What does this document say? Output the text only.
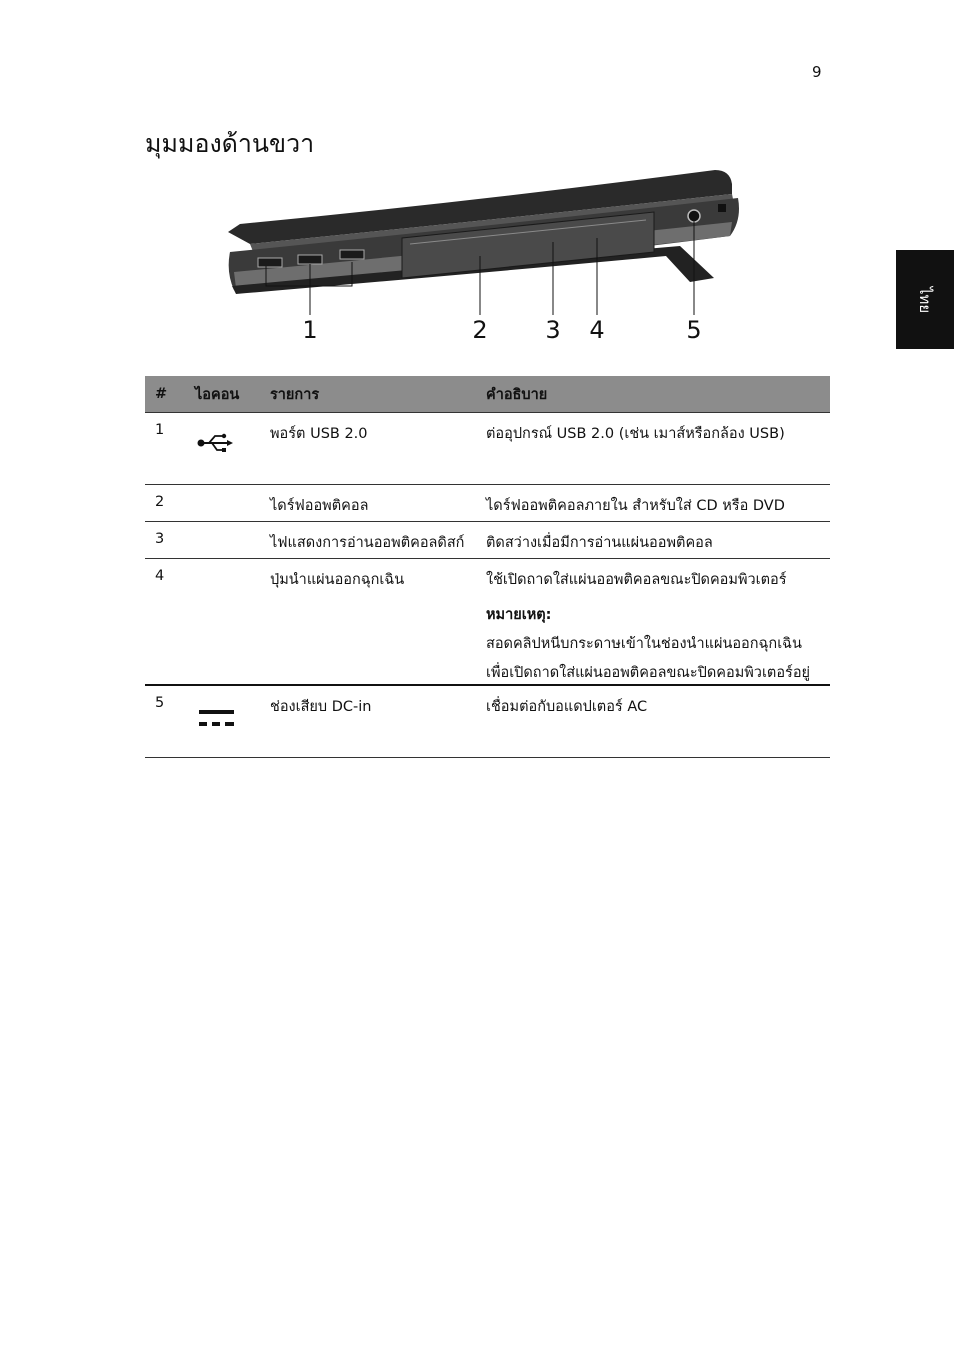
9
ไทย
มุมมองด้านขวา
1	2 3 4	5
#	ไอคอน	รายการ	คำอธิบาย
1		พอร์ต USB 2.0	ต่ออุปกรณ์ USB 2.0 (เช่น เมาส์หรือกล้อง USB)
2		ไดร์ฟออพติคอล	ไดร์ฟออพติคอลภายใน สำหรับใส่ CD หรือ DVD
3		ไฟแสดงการอ่านออพติคอลดิสก์	ติดสว่างเมื่อมีการอ่านแผ่นออพติคอล
4		ปุ่มนำแผ่นออกฉุกเฉิน	ใช้เปิดถาดใส่แผ่นออพติคอลขณะปิดคอมพิวเตอร์
หมายเหตุ:
สอดคลิปหนีบกระดาษเข้าในช่องนำแผ่นออกฉุกเฉิน
เพื่อเปิดถาดใส่แผ่นออพติคอลขณะปิดคอมพิวเตอร์อยู่

5		ช่องเสียบ DC-in	เชื่อมต่อกับอแดปเตอร์ AC
